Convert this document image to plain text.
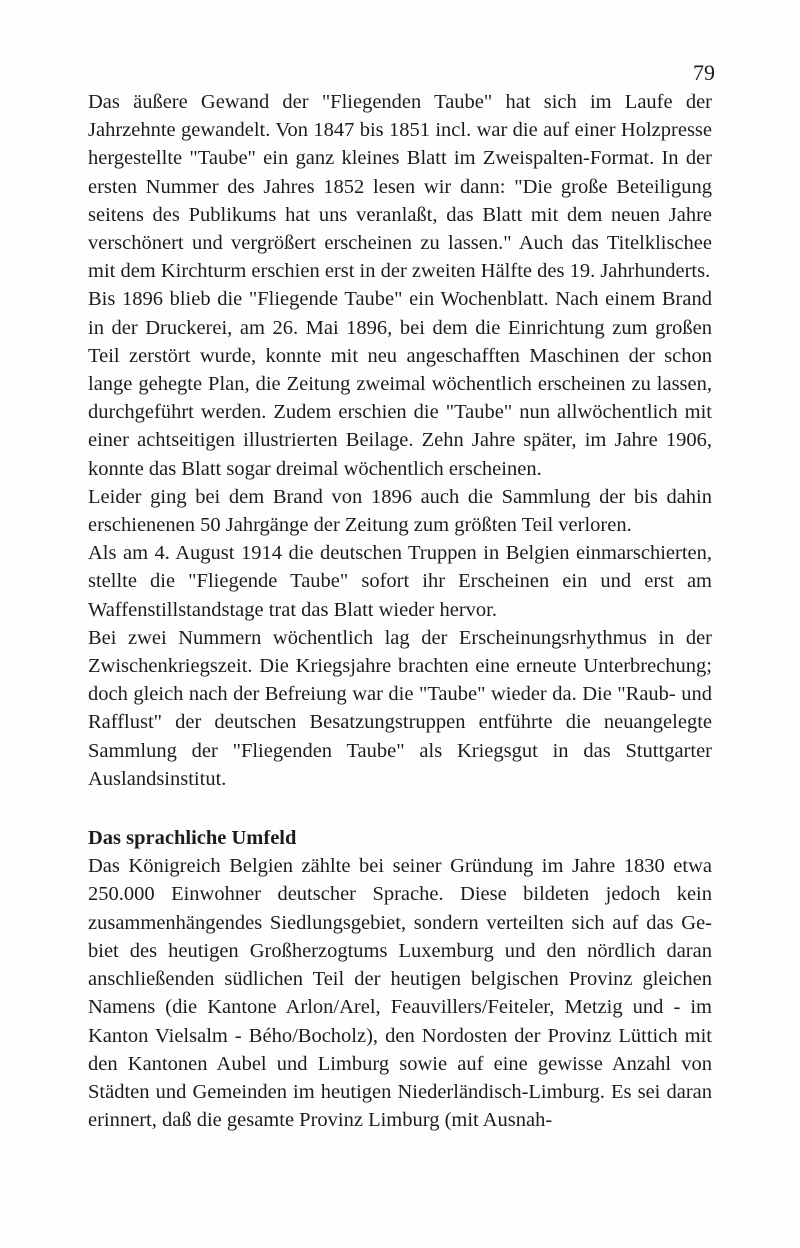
79

Das äußere Gewand der "Fliegenden Taube" hat sich im Laufe der Jahrzehnte gewandelt. Von 1847 bis 1851 incl. war die auf einer Holzpresse hergestellte "Taube" ein ganz kleines Blatt im Zweispalten-Format. In der ersten Nummer des Jahres 1852 lesen wir dann: "Die große Beteiligung seitens des Publikums hat uns veranlaßt, das Blatt mit dem neuen Jahre verschönert und vergrößert erscheinen zu lassen." Auch das Titelklischee mit dem Kirchturm erschien erst in der zweiten Hälfte des 19. Jahrhunderts.

Bis 1896 blieb die "Fliegende Taube" ein Wochenblatt. Nach einem Brand in der Druckerei, am 26. Mai 1896, bei dem die Einrichtung zum großen Teil zerstört wurde, konnte mit neu angeschafften Maschinen der schon lange gehegte Plan, die Zeitung zweimal wöchentlich erscheinen zu lassen, durchgeführt werden. Zudem erschien die "Taube" nun allwöchentlich mit einer achtseitigen illustrierten Beilage. Zehn Jahre später, im Jahre 1906, konnte das Blatt sogar dreimal wöchentlich erscheinen.

Leider ging bei dem Brand von 1896 auch die Sammlung der bis dahin erschienenen 50 Jahrgänge der Zeitung zum größten Teil verloren.

Als am 4. August 1914 die deutschen Truppen in Belgien einmarschierten, stellte die "Fliegende Taube" sofort ihr Erscheinen ein und erst am Waffenstillstandstage trat das Blatt wieder hervor.

Bei zwei Nummern wöchentlich lag der Erscheinungsrhythmus in der Zwischenkriegszeit. Die Kriegsjahre brachten eine erneute Unterbrechung; doch gleich nach der Befreiung war die "Taube" wieder da. Die "Raub- und Rafflust" der deutschen Besatzungstruppen entführte die neuangelegte Sammlung der "Fliegenden Taube" als Kriegsgut in das Stuttgarter Auslandsinstitut.

Das sprachliche Umfeld

Das Königreich Belgien zählte bei seiner Gründung im Jahre 1830 etwa 250.000 Einwohner deutscher Sprache. Diese bildeten jedoch kein zusammenhängendes Siedlungsgebiet, sondern verteilten sich auf das Gebiet des heutigen Großherzogtums Luxemburg und den nördlich daran anschließenden südlichen Teil der heutigen belgischen Provinz gleichen Namens (die Kantone Arlon/Arel, Feauvillers/Feiteler, Metzig und - im Kanton Vielsalm - Bého/Bocholz), den Nordosten der Provinz Lüttich mit den Kantonen Aubel und Limburg sowie auf eine gewisse Anzahl von Städten und Gemeinden im heutigen Niederländisch-Limburg. Es sei daran erinnert, daß die gesamte Provinz Limburg (mit Ausnah-
